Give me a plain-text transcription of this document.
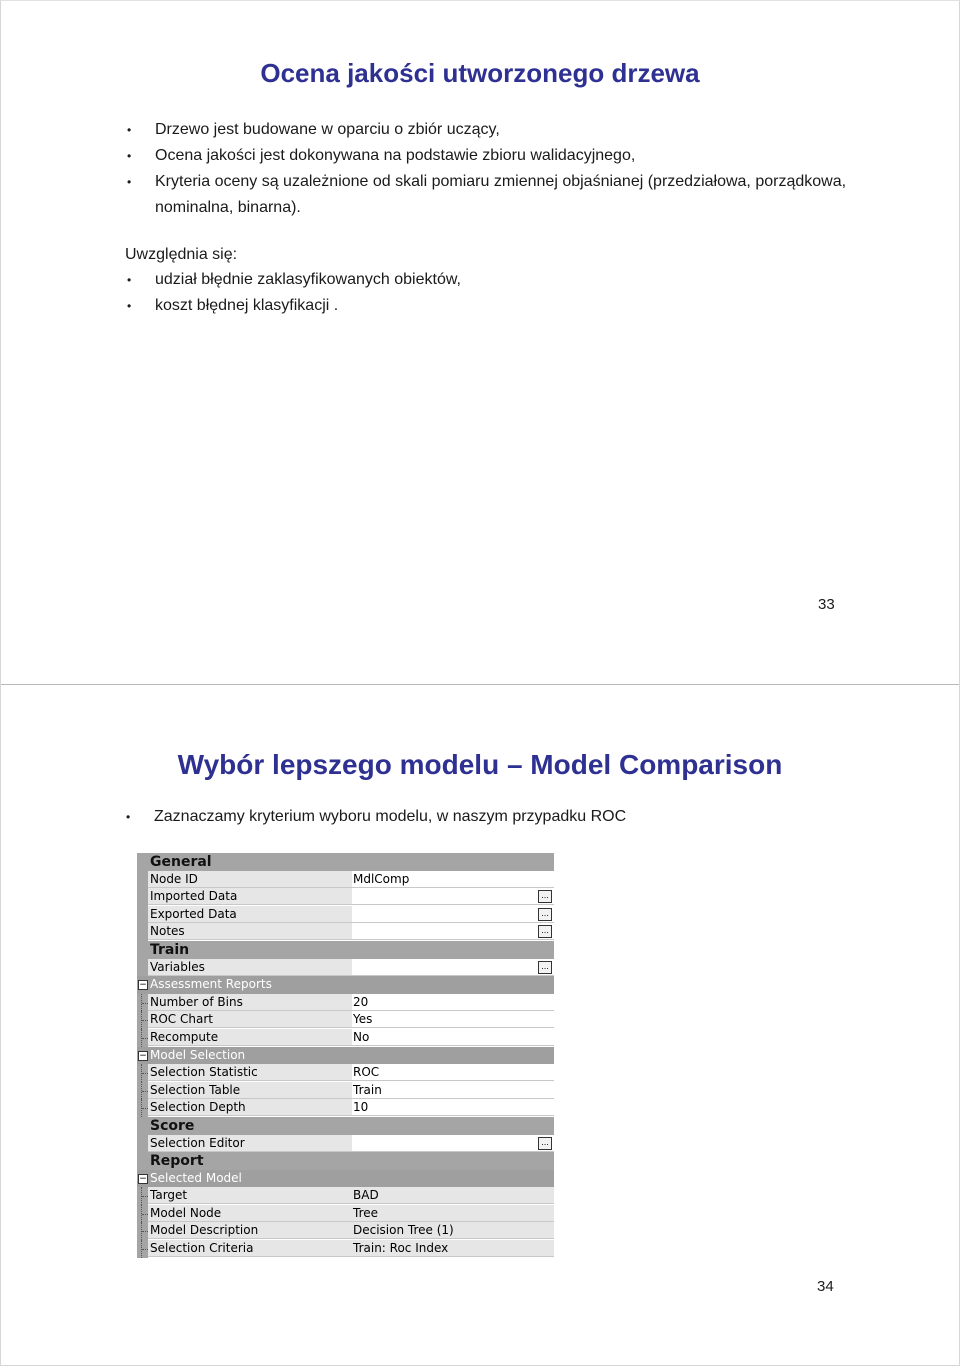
Ocena jakości utworzonego drzewa
• Drzewo jest budowane w oparciu o zbiór uczący,
• Ocena jakości jest dokonywana na podstawie zbioru walidacyjnego,
• Kryteria oceny są uzależnione od skali pomiaru zmiennej objaśnianej (przedziałowa, porządkowa, nominalna, binarna).
Uwzględnia się:
• udział błędnie zaklasyfikowanych obiektów,
• koszt błędnej klasyfikacji .
33
Wybór lepszego modelu – Model Comparison
• Zaznaczamy kryterium wyboru modelu, w naszym przypadku ROC
General
Node ID	MdlComp
Imported Data	...
Exported Data	...
Notes	...
Train
Variables	...
− Assessment Reports
Number of Bins	20
ROC Chart	Yes
Recompute	No
− Model Selection
Selection Statistic	ROC
Selection Table	Train
Selection Depth	10
Score
Selection Editor	...
Report
− Selected Model
Target	BAD
Model Node	Tree
Model Description	Decision Tree (1)
Selection Criteria	Train: Roc Index
34
